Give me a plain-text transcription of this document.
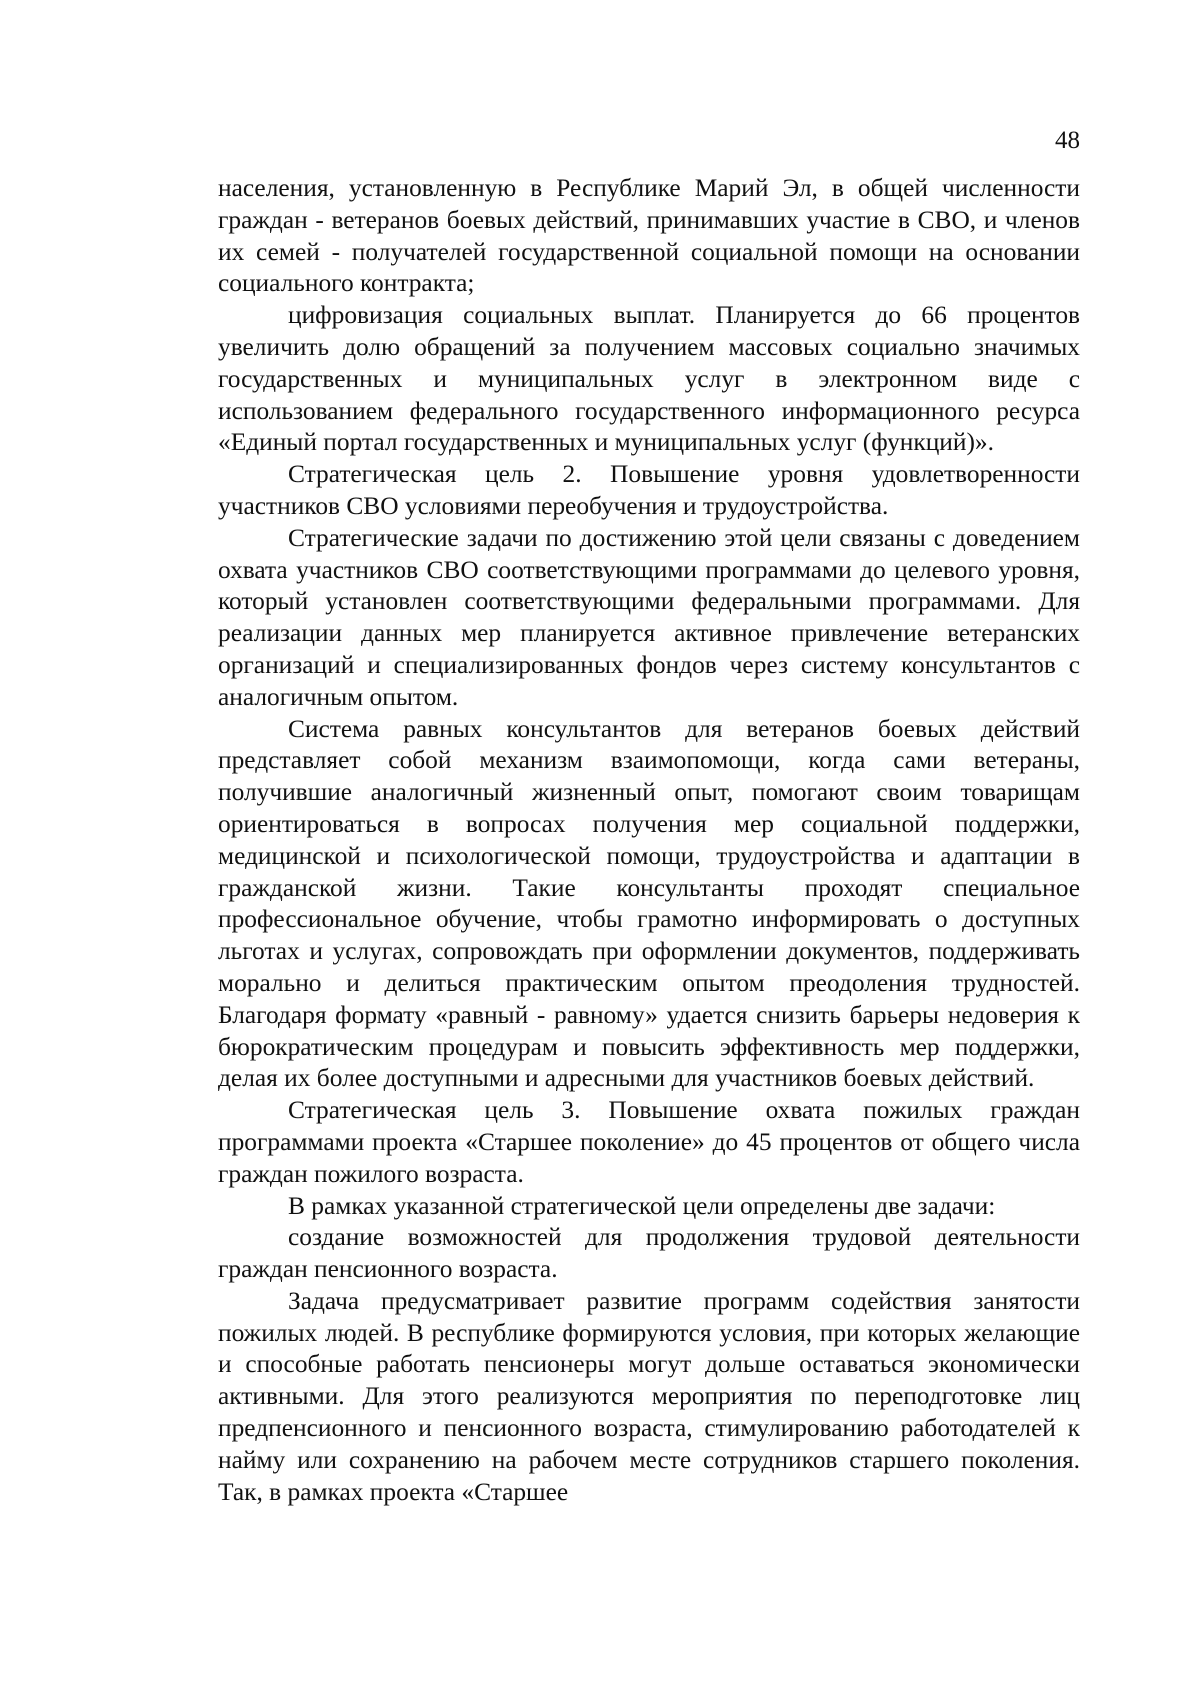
48

населения, установленную в Республике Марий Эл, в общей численности граждан - ветеранов боевых действий, принимавших участие в СВО, и членов их семей - получателей государственной социальной помощи на основании социального контракта;

цифровизация социальных выплат. Планируется до 66 процентов увеличить долю обращений за получением массовых социально значимых государственных и муниципальных услуг в электронном виде с использованием федерального государственного информационного ресурса «Единый портал государственных и муниципальных услуг (функций)».

Стратегическая цель 2. Повышение уровня удовлетворенности участников СВО условиями переобучения и трудоустройства.

Стратегические задачи по достижению этой цели связаны с доведением охвата участников СВО соответствующими программами до целевого уровня, который установлен соответствующими федеральными программами. Для реализации данных мер планируется активное привлечение ветеранских организаций и специализированных фондов через систему консультантов с аналогичным опытом.

Система равных консультантов для ветеранов боевых действий представляет собой механизм взаимопомощи, когда сами ветераны, получившие аналогичный жизненный опыт, помогают своим товарищам ориентироваться в вопросах получения мер социальной поддержки, медицинской и психологической помощи, трудоустройства и адаптации в гражданской жизни. Такие консультанты проходят специальное профессиональное обучение, чтобы грамотно информировать о доступных льготах и услугах, сопровождать при оформлении документов, поддерживать морально и делиться практическим опытом преодоления трудностей. Благодаря формату «равный - равному» удается снизить барьеры недоверия к бюрократическим процедурам и повысить эффективность мер поддержки, делая их более доступными и адресными для участников боевых действий.

Стратегическая цель 3. Повышение охвата пожилых граждан программами проекта «Старшее поколение» до 45 процентов от общего числа граждан пожилого возраста.

В рамках указанной стратегической цели определены две задачи:

создание возможностей для продолжения трудовой деятельности граждан пенсионного возраста.

Задача предусматривает развитие программ содействия занятости пожилых людей. В республике формируются условия, при которых желающие и способные работать пенсионеры могут дольше оставаться экономически активными. Для этого реализуются мероприятия по переподготовке лиц предпенсионного и пенсионного возраста, стимулированию работодателей к найму или сохранению на рабочем месте сотрудников старшего поколения. Так, в рамках проекта «Старшее
